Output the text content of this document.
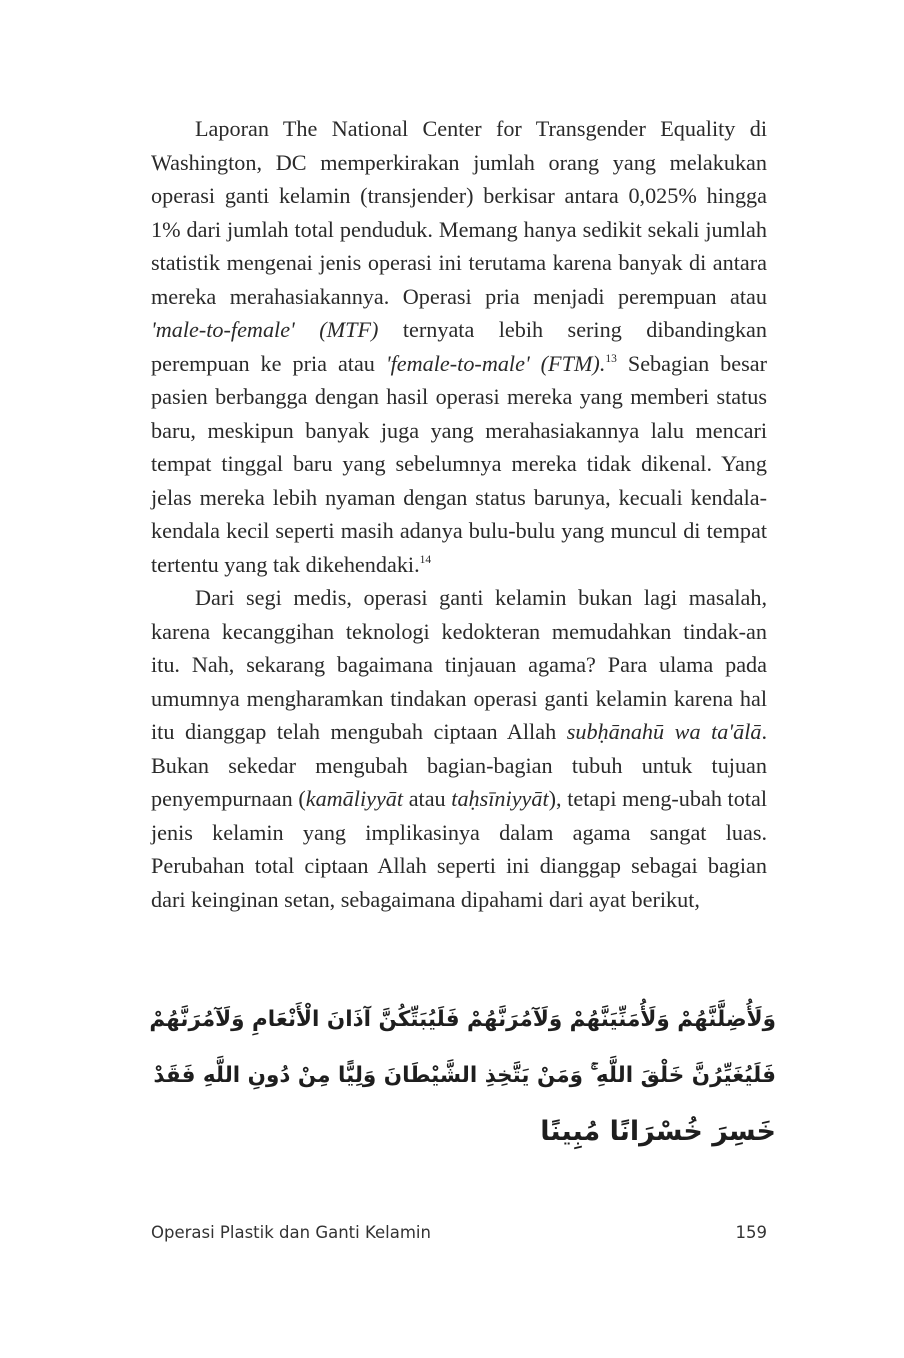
Laporan The National Center for Transgender Equality di Washington, DC memperkirakan jumlah orang yang melakukan operasi ganti kelamin (transjender) berkisar antara 0,025% hingga 1% dari jumlah total penduduk. Memang hanya sedikit sekali jumlah statistik mengenai jenis operasi ini terutama karena banyak di antara mereka merahasiakannya. Operasi pria menjadi perempuan atau 'male-to-female' (MTF) ternyata lebih sering dibandingkan perempuan ke pria atau 'female-to-male' (FTM).$^{13}$ Sebagian besar pasien berbangga dengan hasil operasi mereka yang memberi status baru, meskipun banyak juga yang merahasiakannya lalu mencari tempat tinggal baru yang sebelumnya mereka tidak dikenal. Yang jelas mereka lebih nyaman dengan status barunya, kecuali kendala-kendala kecil seperti masih adanya bulu-bulu yang muncul di tempat tertentu yang tak dikehendaki.$^{14}$

Dari segi medis, operasi ganti kelamin bukan lagi masalah, karena kecanggihan teknologi kedokteran memudahkan tindak-an itu. Nah, sekarang bagaimana tinjauan agama? Para ulama pada umumnya mengharamkan tindakan operasi ganti kelamin karena hal itu dianggap telah mengubah ciptaan Allah subḥānahū wa ta'ālā. Bukan sekedar mengubah bagian-bagian tubuh untuk tujuan penyempurnaan (kamāliyyāt atau taḥsīniyyāt), tetapi meng-ubah total jenis kelamin yang implikasinya dalam agama sangat luas. Perubahan total ciptaan Allah seperti ini dianggap sebagai bagian dari keinginan setan, sebagaimana dipahami dari ayat berikut,

وَلَأُضِلَّنَّهُمْ وَلَأُمَنِّيَنَّهُمْ وَلَآمُرَنَّهُمْ فَلَيُبَتِّكُنَّ آذَانَ الْأَنْعَامِ وَلَآمُرَنَّهُمْ
فَلَيُغَيِّرُنَّ خَلْقَ اللَّهِ ۚ وَمَنْ يَتَّخِذِ الشَّيْطَانَ وَلِيًّا مِنْ دُونِ اللَّهِ فَقَدْ
خَسِرَ خُسْرَانًا مُبِينًا
Operasi Plastik dan Ganti Kelamin	159
